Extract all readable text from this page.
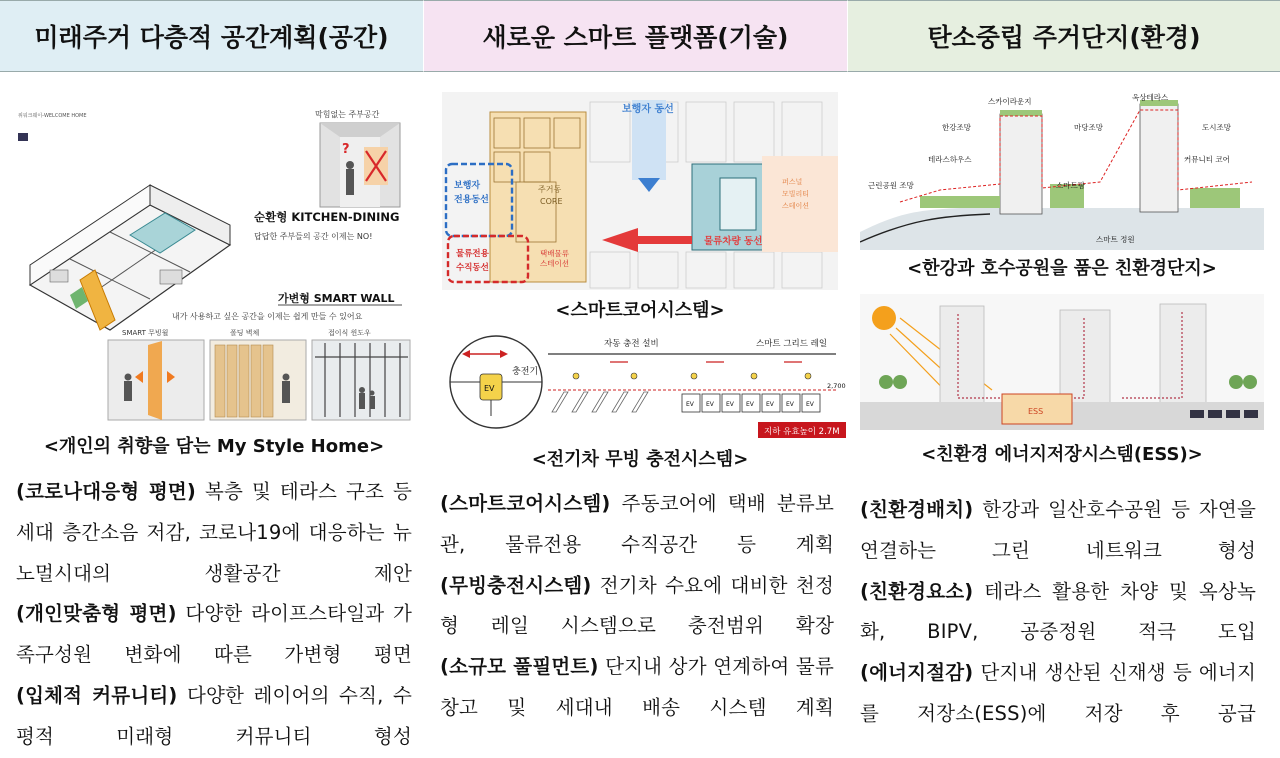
미래주거 다층적 공간계획(공간)	새로운 스마트 플랫폼(기술)	탄소중립 주거단지(환경)
위워크웨이-WELCOME HOME	막힘없는 주부공간
?
순환형 KITCHEN-DINING
답답한 주부들의 공간 이제는 NO!
가변형 SMART WALL
내가 사용하고 싶은 공간을 이제는 쉽게 만들 수 있어요
SMART 무빙월	폴딩 벽체	접이식 윈도우
<개인의 취향을 담는 My Style Home>
보행자 동선
보행자
전용동선
주거동
CORE
물류전용
수직동선
택배물류
스테이션
퍼스널
모빌리티
스테이션
물류차량 동선
<스마트코어시스템>
충전기
EV
자동 충전 설비	스마트 그리드 레일
EV EV EV EV EV EV EV
2,700
지하 유효높이 2.7M
<전기차 무빙 충전시스템>
스카이라운지	옥상테라스
한강조망	마당조망	도시조망
테라스하우스	커뮤니티 코어
근린공원 조망	스마트팜
스마트 정원
<한강과 호수공원을 품은 친환경단지>
ESS
<친환경 에너지저장시스템(ESS)>

(코로나대응형 평면) 복층 및 테라스 구조 등 세대 층간소음 저감, 코로나19에 대응하는 뉴노멀시대의 생활공간 제안

(개인맞춤형 평면) 다양한 라이프스타일과 가족구성원 변화에 따른 가변형 평면

(입체적 커뮤니티) 다양한 레이어의 수직, 수평적 미래형 커뮤니티 형성

(스마트코어시스템) 주동코어에 택배 분류보관, 물류전용 수직공간 등 계획

(무빙충전시스템) 전기차 수요에 대비한 천정형 레일 시스템으로 충전범위 확장

(소규모 풀필먼트) 단지내 상가 연계하여 물류창고 및 세대내 배송 시스템 계획

(친환경배치) 한강과 일산호수공원 등 자연을 연결하는 그린 네트워크 형성

(친환경요소) 테라스 활용한 차양 및 옥상녹화, BIPV, 공중정원 적극 도입

(에너지절감) 단지내 생산된 신재생 등 에너지를 저장소(ESS)에 저장 후 공급
